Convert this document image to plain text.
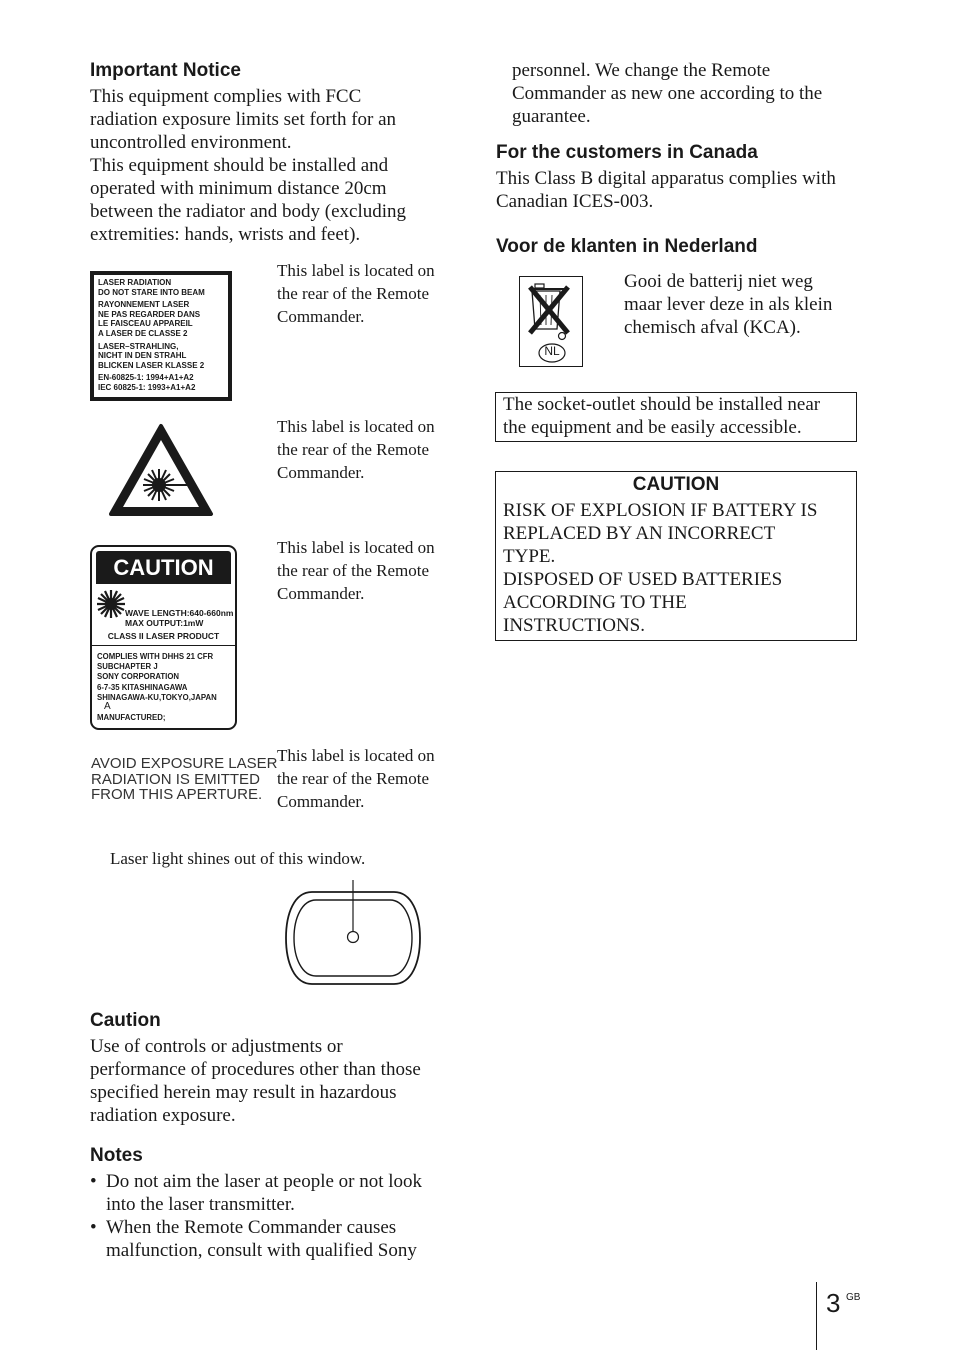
Important Notice
This equipment complies with FCC
radiation exposure limits set forth for an
uncontrolled environment.
This equipment should be installed and
operated with minimum distance 20cm
between the radiator and body (excluding
extremities: hands, wrists and feet).
LASER RADIATION
DO NOT STARE INTO BEAM
RAYONNEMENT LASER
NE PAS REGARDER DANS
LE FAISCEAU APPAREIL
A LASER DE CLASSE 2
LASER–STRAHLING,
NICHT IN DEN STRAHL
BLICKEN LASER KLASSE 2
EN-60825-1: 1994+A1+A2
IEC 60825-1: 1993+A1+A2
This label is located on
the rear of the Remote
Commander.
This label is located on
the rear of the Remote
Commander.
CAUTION
WAVE LENGTH:640-660nm
MAX OUTPUT:1mW
CLASS II LASER PRODUCT
COMPLIES WITH DHHS 21 CFR
SUBCHAPTER J
SONY CORPORATION
6-7-35 KITASHINAGAWA
SHINAGAWA-KU,TOKYO,JAPAN
A
MANUFACTURED;
This label is located on
the rear of the Remote
Commander.
AVOID EXPOSURE LASER
RADIATION IS EMITTED
FROM THIS APERTURE.
This label is located on
the rear of the Remote
Commander.
Laser light shines out of this window.
Caution
Use of controls or adjustments or
performance of procedures other than those
specified herein may result in hazardous
radiation exposure.
Notes
• Do not aim the laser at people or not look
into the laser transmitter.
• When the Remote Commander causes
malfunction, consult with qualified Sony
personnel. We change the Remote
Commander as new one according to the
guarantee.
For the customers in Canada
This Class B digital apparatus complies with
Canadian ICES-003.
Voor de klanten in Nederland
NL
Gooi de batterij niet weg
maar lever deze in als klein
chemisch afval (KCA).
The socket-outlet should be installed near
the equipment and be easily accessible.
CAUTION
RISK OF EXPLOSION IF BATTERY IS
REPLACED BY AN INCORRECT
TYPE.
DISPOSED OF USED BATTERIES
ACCORDING TO THE
INSTRUCTIONS.
3 GB
